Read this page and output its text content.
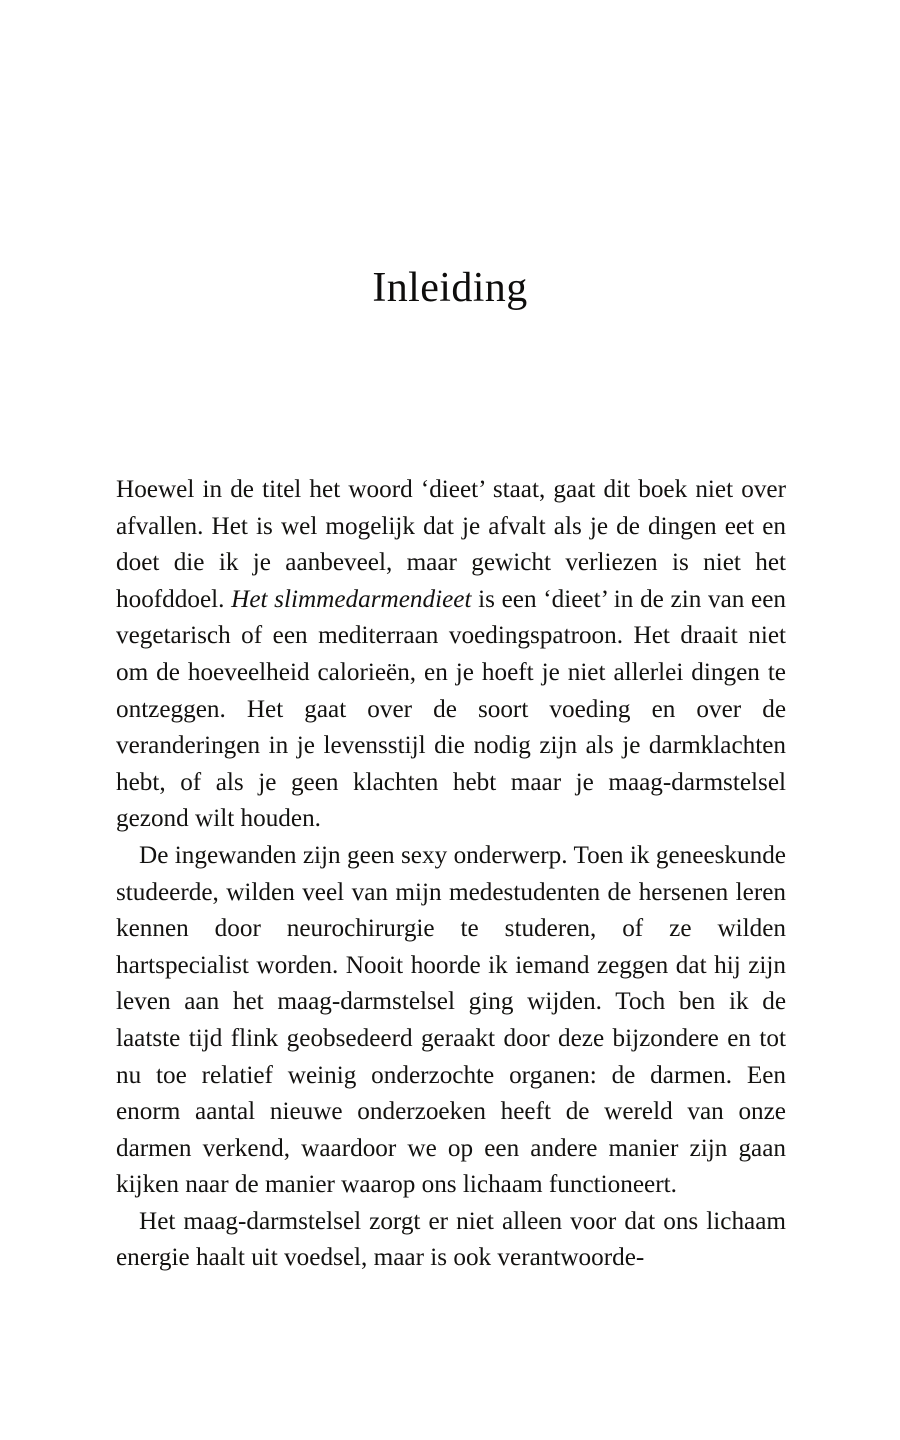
Inleiding

Hoewel in de titel het woord ‘dieet’ staat, gaat dit boek niet over afvallen. Het is wel mogelijk dat je afvalt als je de dingen eet en doet die ik je aanbeveel, maar gewicht verliezen is niet het hoofddoel. Het slimmedarmendieet is een ‘dieet’ in de zin van een vegetarisch of een mediterraan voedingspatroon. Het draait niet om de hoeveelheid calorieën, en je hoeft je niet allerlei dingen te ontzeggen. Het gaat over de soort voeding en over de veranderingen in je levensstijl die nodig zijn als je darmklachten hebt, of als je geen klachten hebt maar je maag-darmstelsel gezond wilt houden.

De ingewanden zijn geen sexy onderwerp. Toen ik geneeskunde studeerde, wilden veel van mijn medestudenten de hersenen leren kennen door neurochirurgie te studeren, of ze wilden hartspecialist worden. Nooit hoorde ik iemand zeggen dat hij zijn leven aan het maag-darmstelsel ging wijden. Toch ben ik de laatste tijd flink geobsedeerd geraakt door deze bijzondere en tot nu toe relatief weinig onderzochte organen: de darmen. Een enorm aantal nieuwe onderzoeken heeft de wereld van onze darmen verkend, waardoor we op een andere manier zijn gaan kijken naar de manier waarop ons lichaam functioneert.

Het maag-darmstelsel zorgt er niet alleen voor dat ons lichaam energie haalt uit voedsel, maar is ook verantwoorde-
